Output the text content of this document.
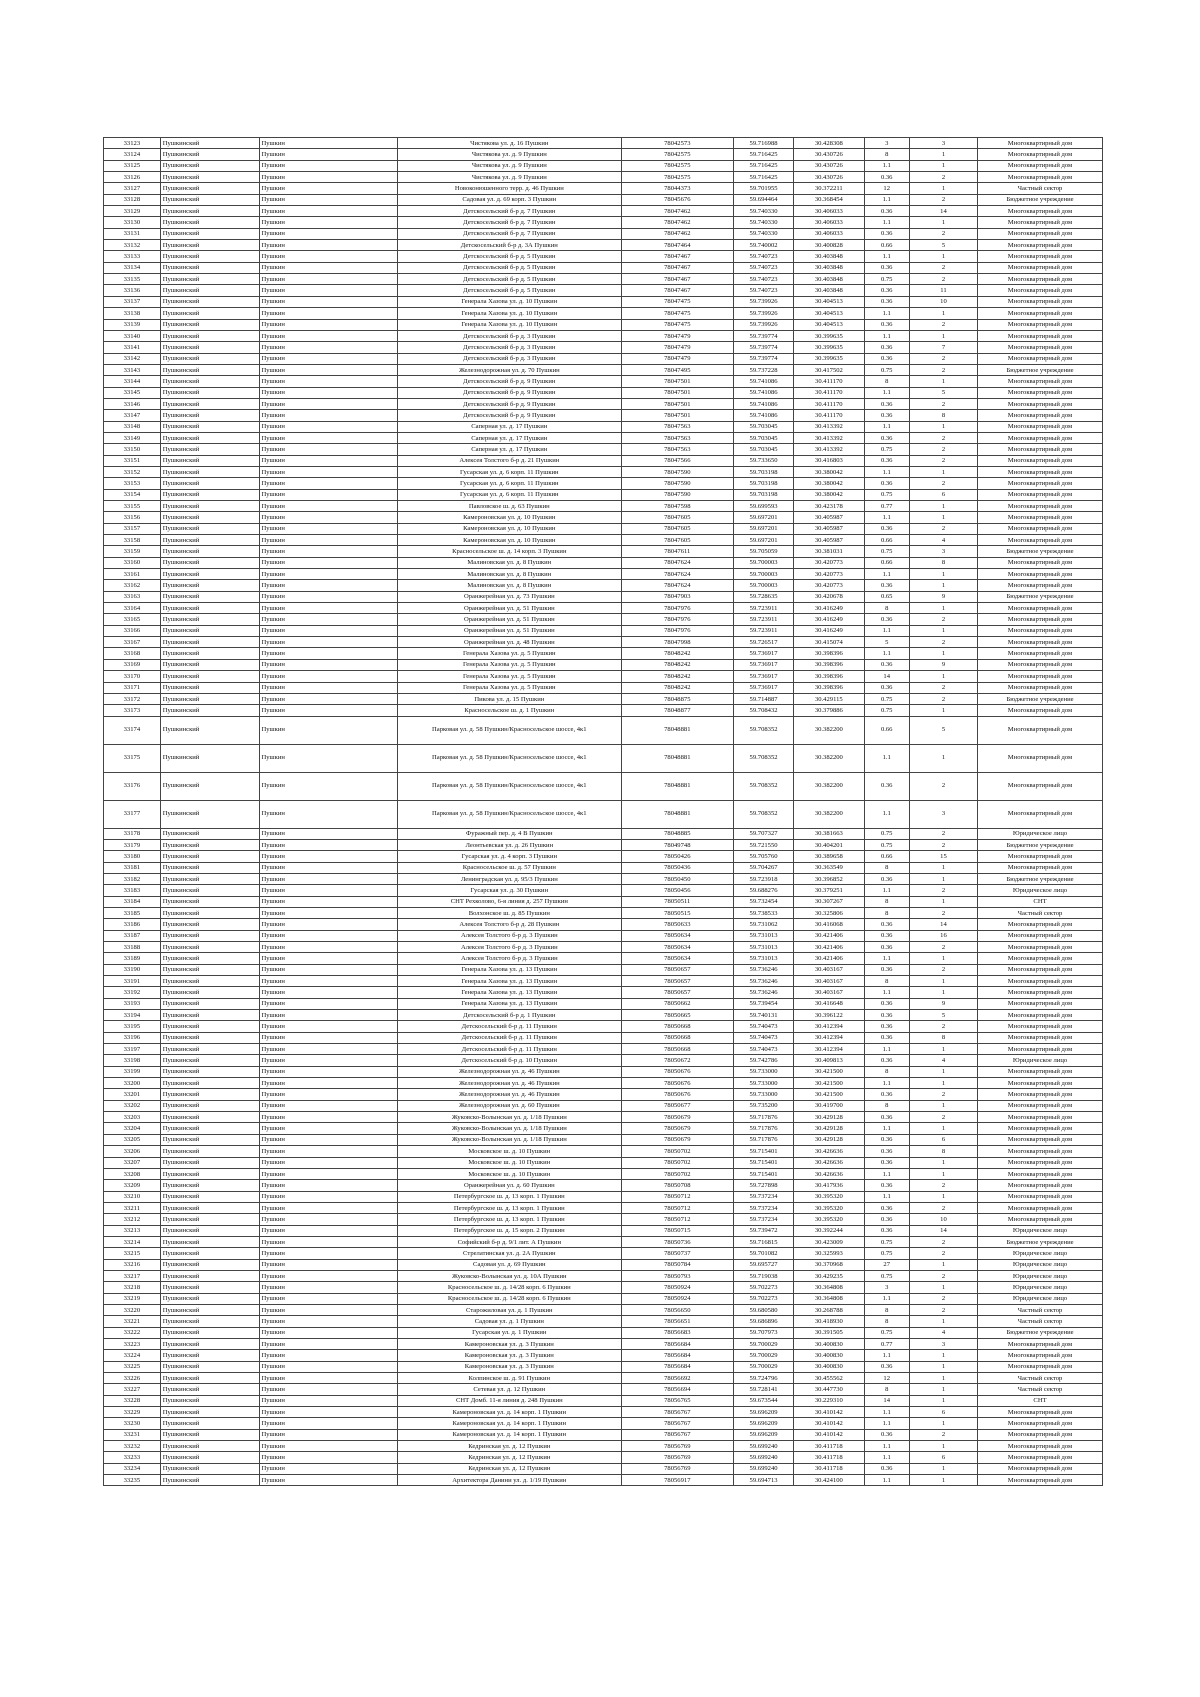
33123	Пушкинский	Пушкин	Чистякова ул. д. 16 Пушкин	78042573	59.716988	30.428308	3	3	Многоквартирный дом
33124	Пушкинский	Пушкин	Чистякова ул. д. 9 Пушкин	78042575	59.716425	30.430726	8	1	Многоквартирный дом
33125	Пушкинский	Пушкин	Чистякова ул. д. 9 Пушкин	78042575	59.716425	30.430726	1.1	1	Многоквартирный дом
33126	Пушкинский	Пушкин	Чистякова ул. д. 9 Пушкин	78042575	59.716425	30.430726	0.36	2	Многоквартирный дом
33127	Пушкинский	Пушкин	Новоконюшенного терр. д. 46 Пушкин	78044373	59.701955	30.372211	12	1	Частный сектор
33128	Пушкинский	Пушкин	Садовая ул. д. 69 корп. 3 Пушкин	78045676	59.694464	30.368454	1.1	2	Бюджетное учреждение
33129	Пушкинский	Пушкин	Детскосельский б-р д. 7 Пушкин	78047462	59.740330	30.406033	0.36	14	Многоквартирный дом
33130	Пушкинский	Пушкин	Детскосельский б-р д. 7 Пушкин	78047462	59.740330	30.406033	1.1	1	Многоквартирный дом
33131	Пушкинский	Пушкин	Детскосельский б-р д. 7 Пушкин	78047462	59.740330	30.406033	0.36	2	Многоквартирный дом
33132	Пушкинский	Пушкин	Детскосельский б-р д. 3А Пушкин	78047464	59.740002	30.400828	0.66	5	Многоквартирный дом
33133	Пушкинский	Пушкин	Детскосельский б-р д. 5 Пушкин	78047467	59.740723	30.403848	1.1	1	Многоквартирный дом
33134	Пушкинский	Пушкин	Детскосельский б-р д. 5 Пушкин	78047467	59.740723	30.403848	0.36	2	Многоквартирный дом
33135	Пушкинский	Пушкин	Детскосельский б-р д. 5 Пушкин	78047467	59.740723	30.403848	0.75	2	Многоквартирный дом
33136	Пушкинский	Пушкин	Детскосельский б-р д. 5 Пушкин	78047467	59.740723	30.403848	0.36	11	Многоквартирный дом
33137	Пушкинский	Пушкин	Генерала Хазова ул. д. 10 Пушкин	78047475	59.739926	30.404513	0.36	10	Многоквартирный дом
33138	Пушкинский	Пушкин	Генерала Хазова ул. д. 10 Пушкин	78047475	59.739926	30.404513	1.1	1	Многоквартирный дом
33139	Пушкинский	Пушкин	Генерала Хазова ул. д. 10 Пушкин	78047475	59.739926	30.404513	0.36	2	Многоквартирный дом
33140	Пушкинский	Пушкин	Детскосельский б-р д. 3 Пушкин	78047479	59.739774	30.399635	1.1	1	Многоквартирный дом
33141	Пушкинский	Пушкин	Детскосельский б-р д. 3 Пушкин	78047479	59.739774	30.399635	0.36	7	Многоквартирный дом
33142	Пушкинский	Пушкин	Детскосельский б-р д. 3 Пушкин	78047479	59.739774	30.399635	0.36	2	Многоквартирный дом
33143	Пушкинский	Пушкин	Железнодорожная ул. д. 70 Пушкин	78047495	59.737228	30.417502	0.75	2	Бюджетное учреждение
33144	Пушкинский	Пушкин	Детскосельский б-р д. 9 Пушкин	78047501	59.741086	30.411170	8	1	Многоквартирный дом
33145	Пушкинский	Пушкин	Детскосельский б-р д. 9 Пушкин	78047501	59.741086	30.411170	1.1	5	Многоквартирный дом
33146	Пушкинский	Пушкин	Детскосельский б-р д. 9 Пушкин	78047501	59.741086	30.411170	0.36	2	Многоквартирный дом
33147	Пушкинский	Пушкин	Детскосельский б-р д. 9 Пушкин	78047501	59.741086	30.411170	0.36	8	Многоквартирный дом
33148	Пушкинский	Пушкин	Саперная ул. д. 17 Пушкин	78047563	59.703045	30.413392	1.1	1	Многоквартирный дом
33149	Пушкинский	Пушкин	Саперная ул. д. 17 Пушкин	78047563	59.703045	30.413392	0.36	2	Многоквартирный дом
33150	Пушкинский	Пушкин	Саперная ул. д. 17 Пушкин	78047563	59.703045	30.413392	0.75	2	Многоквартирный дом
33151	Пушкинский	Пушкин	Алексея Толстого б-р д. 21 Пушкин	78047566	59.733650	30.416803	0.36	2	Многоквартирный дом
33152	Пушкинский	Пушкин	Гусарская ул. д. 6 корп. 11 Пушкин	78047590	59.703198	30.380042	1.1	1	Многоквартирный дом
33153	Пушкинский	Пушкин	Гусарская ул. д. 6 корп. 11 Пушкин	78047590	59.703198	30.380042	0.36	2	Многоквартирный дом
33154	Пушкинский	Пушкин	Гусарская ул. д. 6 корп. 11 Пушкин	78047590	59.703198	30.380042	0.75	6	Многоквартирный дом
33155	Пушкинский	Пушкин	Павловское ш. д. 63 Пушкин	78047598	59.699593	30.423178	0.77	1	Многоквартирный дом
33156	Пушкинский	Пушкин	Камероновская ул. д. 10 Пушкин	78047605	59.697201	30.405987	1.1	1	Многоквартирный дом
33157	Пушкинский	Пушкин	Камероновская ул. д. 10 Пушкин	78047605	59.697201	30.405987	0.36	2	Многоквартирный дом
33158	Пушкинский	Пушкин	Камероновская ул. д. 10 Пушкин	78047605	59.697201	30.405987	0.66	4	Многоквартирный дом
33159	Пушкинский	Пушкин	Красносельское ш. д. 14 корп. 3 Пушкин	78047611	59.705059	30.381031	0.75	3	Бюджетное учреждение
33160	Пушкинский	Пушкин	Малиновская ул. д. 8 Пушкин	78047624	59.700003	30.420773	0.66	8	Многоквартирный дом
33161	Пушкинский	Пушкин	Малиновская ул. д. 8 Пушкин	78047624	59.700003	30.420773	1.1	1	Многоквартирный дом
33162	Пушкинский	Пушкин	Малиновская ул. д. 8 Пушкин	78047624	59.700003	30.420773	0.36	1	Многоквартирный дом
33163	Пушкинский	Пушкин	Оранжерейная ул. д. 73 Пушкин	78047903	59.728635	30.420678	0.65	9	Бюджетное учреждение
33164	Пушкинский	Пушкин	Оранжерейная ул. д. 51 Пушкин	78047976	59.723911	30.416249	8	1	Многоквартирный дом
33165	Пушкинский	Пушкин	Оранжерейная ул. д. 51 Пушкин	78047976	59.723911	30.416249	0.36	2	Многоквартирный дом
33166	Пушкинский	Пушкин	Оранжерейная ул. д. 51 Пушкин	78047976	59.723911	30.416249	1.1	1	Многоквартирный дом
33167	Пушкинский	Пушкин	Оранжерейная ул. д. 48 Пушкин	78047998	59.726517	30.415074	5	2	Многоквартирный дом
33168	Пушкинский	Пушкин	Генерала Хазова ул. д. 5 Пушкин	78048242	59.736917	30.398396	1.1	1	Многоквартирный дом
33169	Пушкинский	Пушкин	Генерала Хазова ул. д. 5 Пушкин	78048242	59.736917	30.398396	0.36	9	Многоквартирный дом
33170	Пушкинский	Пушкин	Генерала Хазова ул. д. 5 Пушкин	78048242	59.736917	30.398396	14	1	Многоквартирный дом
33171	Пушкинский	Пушкин	Генерала Хазова ул. д. 5 Пушкин	78048242	59.736917	30.398396	0.36	2	Многоквартирный дом
33172	Пушкинский	Пушкин	Пикова ул. д. 15 Пушкин	78048875	59.714887	30.429115	0.75	2	Бюджетное учреждение
33173	Пушкинский	Пушкин	Красносельское ш. д. 1 Пушкин	78048877	59.708432	30.379886	0.75	1	Многоквартирный дом
33174	Пушкинский	Пушкин	Парковая ул. д. 58 Пушкин/Красносельское шоссе, 4к1	78048881	59.708352	30.382200	0.66	5	Многоквартирный дом
33175	Пушкинский	Пушкин	Парковая ул. д. 58 Пушкин/Красносельское шоссе, 4к1	78048881	59.708352	30.382200	1.1	1	Многоквартирный дом
33176	Пушкинский	Пушкин	Парковая ул. д. 58 Пушкин/Красносельское шоссе, 4к1	78048881	59.708352	30.382200	0.36	2	Многоквартирный дом
33177	Пушкинский	Пушкин	Парковая ул. д. 58 Пушкин/Красносельское шоссе, 4к1	78048881	59.708352	30.382200	1.1	3	Многоквартирный дом
33178	Пушкинский	Пушкин	Фуражный пер. д. 4 В Пушкин	78048885	59.707327	30.381663	0.75	2	Юридическое лицо
33179	Пушкинский	Пушкин	Леонтьевская ул. д. 26 Пушкин	78049748	59.721550	30.404201	0.75	2	Бюджетное учреждение
33180	Пушкинский	Пушкин	Гусарская ул. д. 4 корп. 3 Пушкин	78050426	59.705760	30.389658	0.66	15	Многоквартирный дом
33181	Пушкинский	Пушкин	Красносельское ш. д. 57 Пушкин	78050436	59.704267	30.363549	8	1	Многоквартирный дом
33182	Пушкинский	Пушкин	Ленинградская ул. д. 95/3 Пушкин	78050450	59.723918	30.396852	0.36	1	Бюджетное учреждение
33183	Пушкинский	Пушкин	Гусарская ул. д. 30 Пушкин	78050456	59.688276	30.379251	1.1	2	Юридическое лицо
33184	Пушкинский	Пушкин	СНТ Рехколово, 6-я линия д. 257 Пушкин	78050511	59.732454	30.307267	8	1	СНТ
33185	Пушкинский	Пушкин	Волхонское ш. д. 85 Пушкин	78050515	59.738533	30.325806	8	2	Частный сектор
33186	Пушкинский	Пушкин	Алексея Толстого б-р д. 28 Пушкин	78050633	59.731062	30.416068	0.36	14	Многоквартирный дом
33187	Пушкинский	Пушкин	Алексея Толстого б-р д. 3 Пушкин	78050634	59.731013	30.421406	0.36	16	Многоквартирный дом
33188	Пушкинский	Пушкин	Алексея Толстого б-р д. 3 Пушкин	78050634	59.731013	30.421406	0.36	2	Многоквартирный дом
33189	Пушкинский	Пушкин	Алексея Толстого б-р д. 3 Пушкин	78050634	59.731013	30.421406	1.1	1	Многоквартирный дом
33190	Пушкинский	Пушкин	Генерала Хазова ул. д. 13 Пушкин	78050657	59.736246	30.403167	0.36	2	Многоквартирный дом
33191	Пушкинский	Пушкин	Генерала Хазова ул. д. 13 Пушкин	78050657	59.736246	30.403167	8	1	Многоквартирный дом
33192	Пушкинский	Пушкин	Генерала Хазова ул. д. 13 Пушкин	78050657	59.736246	30.403167	1.1	1	Многоквартирный дом
33193	Пушкинский	Пушкин	Генерала Хазова ул. д. 13 Пушкин	78050662	59.739454	30.416648	0.36	9	Многоквартирный дом
33194	Пушкинский	Пушкин	Детскосельский б-р д. 1 Пушкин	78050665	59.740131	30.396122	0.36	5	Многоквартирный дом
33195	Пушкинский	Пушкин	Детскосельский б-р д. 11 Пушкин	78050668	59.740473	30.412394	0.36	2	Многоквартирный дом
33196	Пушкинский	Пушкин	Детскосельский б-р д. 11 Пушкин	78050668	59.740473	30.412394	0.36	8	Многоквартирный дом
33197	Пушкинский	Пушкин	Детскосельский б-р д. 11 Пушкин	78050668	59.740473	30.412394	1.1	1	Многоквартирный дом
33198	Пушкинский	Пушкин	Детскосельский б-р д. 10 Пушкин	78050672	59.742786	30.409813	0.36	4	Юридическое лицо
33199	Пушкинский	Пушкин	Железнодорожная ул. д. 46 Пушкин	78050676	59.733000	30.421500	8	1	Многоквартирный дом
33200	Пушкинский	Пушкин	Железнодорожная ул. д. 46 Пушкин	78050676	59.733000	30.421500	1.1	1	Многоквартирный дом
33201	Пушкинский	Пушкин	Железнодорожная ул. д. 46 Пушкин	78050676	59.733000	30.421500	0.36	2	Многоквартирный дом
33202	Пушкинский	Пушкин	Железнодорожная ул. д. 60 Пушкин	78050677	59.735200	30.419700	8	1	Многоквартирный дом
33203	Пушкинский	Пушкин	Жуковско-Волынская ул. д. 1/18 Пушкин	78050679	59.717876	30.429128	0.36	2	Многоквартирный дом
33204	Пушкинский	Пушкин	Жуковско-Волынская ул. д. 1/18 Пушкин	78050679	59.717876	30.429128	1.1	1	Многоквартирный дом
33205	Пушкинский	Пушкин	Жуковско-Волынская ул. д. 1/18 Пушкин	78050679	59.717876	30.429128	0.36	6	Многоквартирный дом
33206	Пушкинский	Пушкин	Московское ш. д. 10 Пушкин	78050702	59.715401	30.426636	0.36	8	Многоквартирный дом
33207	Пушкинский	Пушкин	Московское ш. д. 10 Пушкин	78050702	59.715401	30.426636	0.36	1	Многоквартирный дом
33208	Пушкинский	Пушкин	Московское ш. д. 10 Пушкин	78050702	59.715401	30.426636	1.1	1	Многоквартирный дом
33209	Пушкинский	Пушкин	Оранжерейная ул. д. 60 Пушкин	78050708	59.727898	30.417936	0.36	2	Многоквартирный дом
33210	Пушкинский	Пушкин	Петербургское ш. д. 13 корп. 1 Пушкин	78050712	59.737234	30.395320	1.1	1	Многоквартирный дом
33211	Пушкинский	Пушкин	Петербургское ш. д. 13 корп. 1 Пушкин	78050712	59.737234	30.395320	0.36	2	Многоквартирный дом
33212	Пушкинский	Пушкин	Петербургское ш. д. 13 корп. 1 Пушкин	78050712	59.737234	30.395320	0.36	10	Многоквартирный дом
33213	Пушкинский	Пушкин	Петербургское ш. д. 15 корп. 2 Пушкин	78050715	59.739472	30.392244	0.36	14	Юридическое лицо
33214	Пушкинский	Пушкин	Софийский б-р д. 9/1 лит. А Пушкин	78050736	59.716815	30.423009	0.75	2	Бюджетное учреждение
33215	Пушкинский	Пушкин	Стрелатинская ул. д. 2А Пушкин	78050737	59.701082	30.325993	0.75	2	Юридическое лицо
33216	Пушкинский	Пушкин	Садовая ул. д. 69 Пушкин	78050784	59.695727	30.370968	27	1	Юридическое лицо
33217	Пушкинский	Пушкин	Жуковско-Волынская ул. д. 10А Пушкин	78050793	59.719038	30.429235	0.75	2	Юридическое лицо
33218	Пушкинский	Пушкин	Красносельское ш. д. 14/28 корп. 6 Пушкин	78050924	59.702273	30.364808	3	1	Юридическое лицо
33219	Пушкинский	Пушкин	Красносельское ш. д. 14/28 корп. 6 Пушкин	78050924	59.702273	30.364808	1.1	2	Юридическое лицо
33220	Пушкинский	Пушкин	Старожиловая ул. д. 1 Пушкин	78056650	59.680580	30.268788	8	2	Частный сектор
33221	Пушкинский	Пушкин	Садовая ул. д. 1 Пушкин	78056651	59.686896	30.418930	8	1	Частный сектор
33222	Пушкинский	Пушкин	Гусарская ул. д. 1 Пушкин	78056683	59.707973	30.391505	0.75	4	Бюджетное учреждение
33223	Пушкинский	Пушкин	Камероновская ул. д. 3 Пушкин	78056684	59.700029	30.400830	0.77	3	Многоквартирный дом
33224	Пушкинский	Пушкин	Камероновская ул. д. 3 Пушкин	78056684	59.700029	30.400830	1.1	1	Многоквартирный дом
33225	Пушкинский	Пушкин	Камероновская ул. д. 3 Пушкин	78056684	59.700029	30.400830	0.36	1	Многоквартирный дом
33226	Пушкинский	Пушкин	Колпинское ш. д. 91 Пушкин	78056692	59.724796	30.455562	12	1	Частный сектор
33227	Пушкинский	Пушкин	Сетевая ул. д. 12 Пушкин	78056694	59.728141	30.447730	8	1	Частный сектор
33228	Пушкинский	Пушкин	СНТ Домб. 11-я линия д. 248 Пушкин	78056765	59.673544	30.229310	14	1	СНТ
33229	Пушкинский	Пушкин	Камероновская ул. д. 14 корп. 1 Пушкин	78056767	59.696209	30.410142	1.1	6	Многоквартирный дом
33230	Пушкинский	Пушкин	Камероновская ул. д. 14 корп. 1 Пушкин	78056767	59.696209	30.410142	1.1	1	Многоквартирный дом
33231	Пушкинский	Пушкин	Камероновская ул. д. 14 корп. 1 Пушкин	78056767	59.696209	30.410142	0.36	2	Многоквартирный дом
33232	Пушкинский	Пушкин	Кедринская ул. д. 12 Пушкин	78056769	59.699240	30.411718	1.1	1	Многоквартирный дом
33233	Пушкинский	Пушкин	Кедринская ул. д. 12 Пушкин	78056769	59.699240	30.411718	1.1	6	Многоквартирный дом
33234	Пушкинский	Пушкин	Кедринская ул. д. 12 Пушкин	78056769	59.699240	30.411718	0.36	1	Многоквартирный дом
33235	Пушкинский	Пушкин	Архитектора Данини ул. д. 1/19 Пушкин	78056917	59.694713	30.424100	1.1	1	Многоквартирный дом
